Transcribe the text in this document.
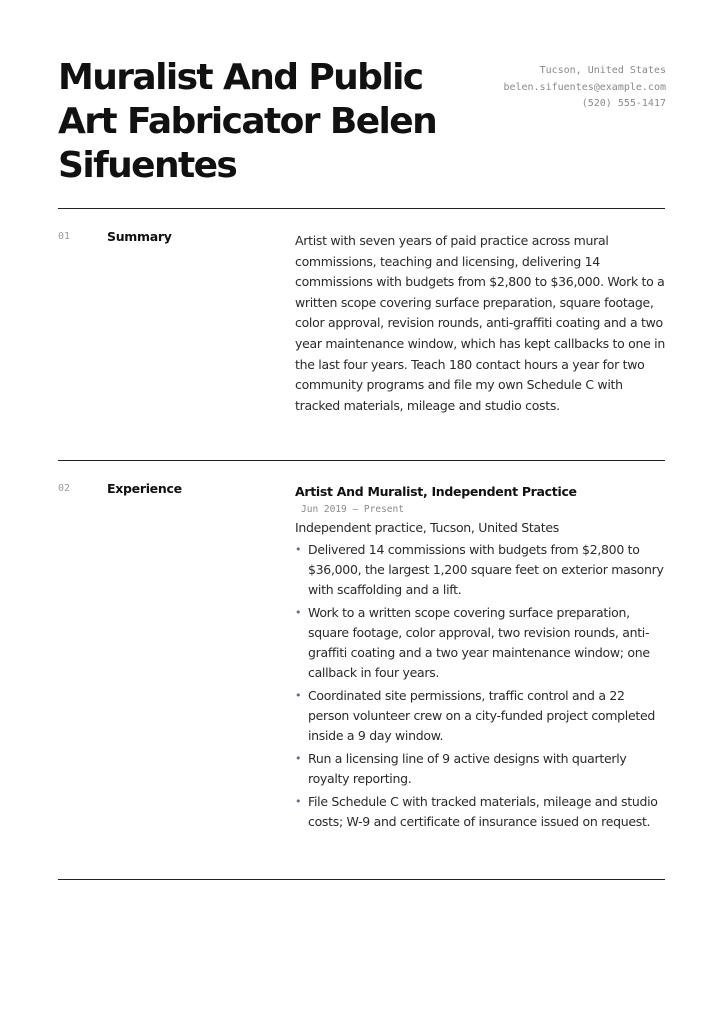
Muralist And Public Art Fabricator Belen Sifuentes
Tucson, United States
belen.sifuentes@example.com
(520) 555-1417
01	Summary	Artist with seven years of paid practice across mural commissions, teaching and licensing, delivering 14 commissions with budgets from $2,800 to $36,000. Work to a written scope covering surface preparation, square footage, color approval, revision rounds, anti-graffiti coating and a two year maintenance window, which has kept callbacks to one in the last four years. Teach 180 contact hours a year for two community programs and file my own Schedule C with tracked materials, mileage and studio costs.

02	Experience	Artist And Muralist, Independent Practice

Jun 2019 — Present

Independent practice, Tucson, United States

• Delivered 14 commissions with budgets from $2,800 to $36,000, the largest 1,200 square feet on exterior masonry with scaffolding and a lift.
• Work to a written scope covering surface preparation, square footage, color approval, two revision rounds, anti-graffiti coating and a two year maintenance window; one callback in four years.
• Coordinated site permissions, traffic control and a 22 person volunteer crew on a city-funded project completed inside a 9 day window.
• Run a licensing line of 9 active designs with quarterly royalty reporting.
• File Schedule C with tracked materials, mileage and studio costs; W-9 and certificate of insurance issued on request.
